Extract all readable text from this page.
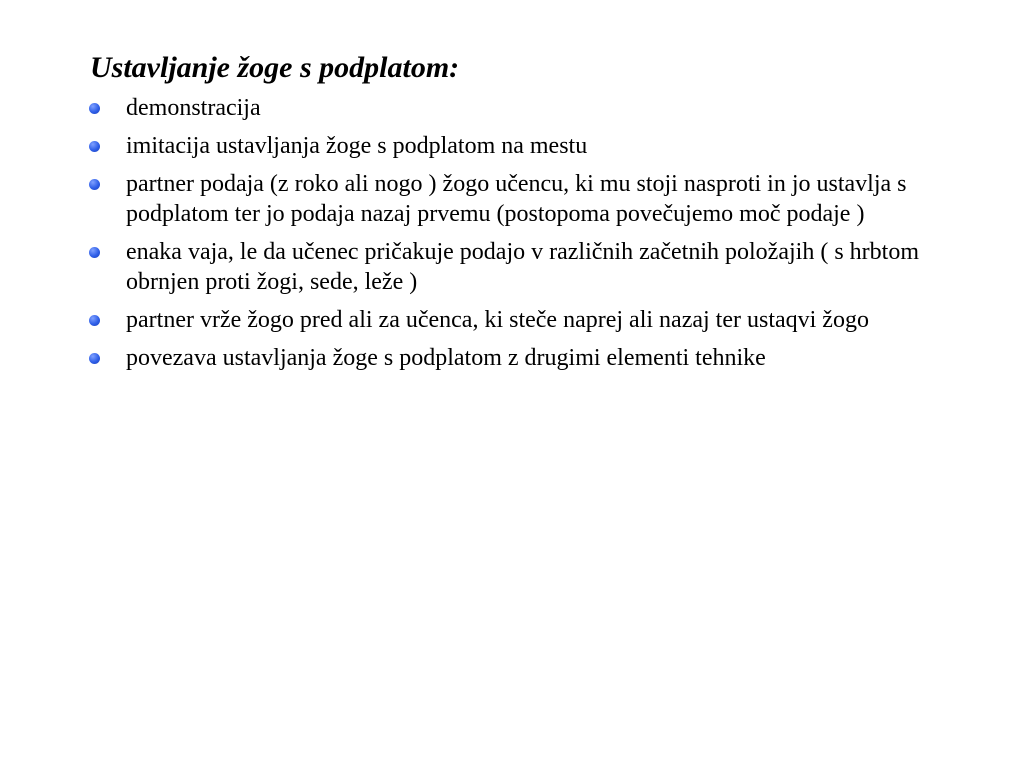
Ustavljanje žoge s podplatom:
demonstracija
imitacija ustavljanja žoge s podplatom na mestu
partner podaja (z roko ali nogo ) žogo učencu, ki mu stoji nasproti in jo ustavlja s podplatom ter jo podaja nazaj prvemu (postopoma povečujemo moč podaje )
enaka vaja, le da učenec pričakuje podajo v različnih začetnih položajih ( s hrbtom obrnjen proti žogi, sede, leže )
partner vrže žogo pred ali za učenca, ki steče naprej ali nazaj ter ustaqvi žogo
povezava ustavljanja žoge s podplatom z drugimi elementi tehnike
